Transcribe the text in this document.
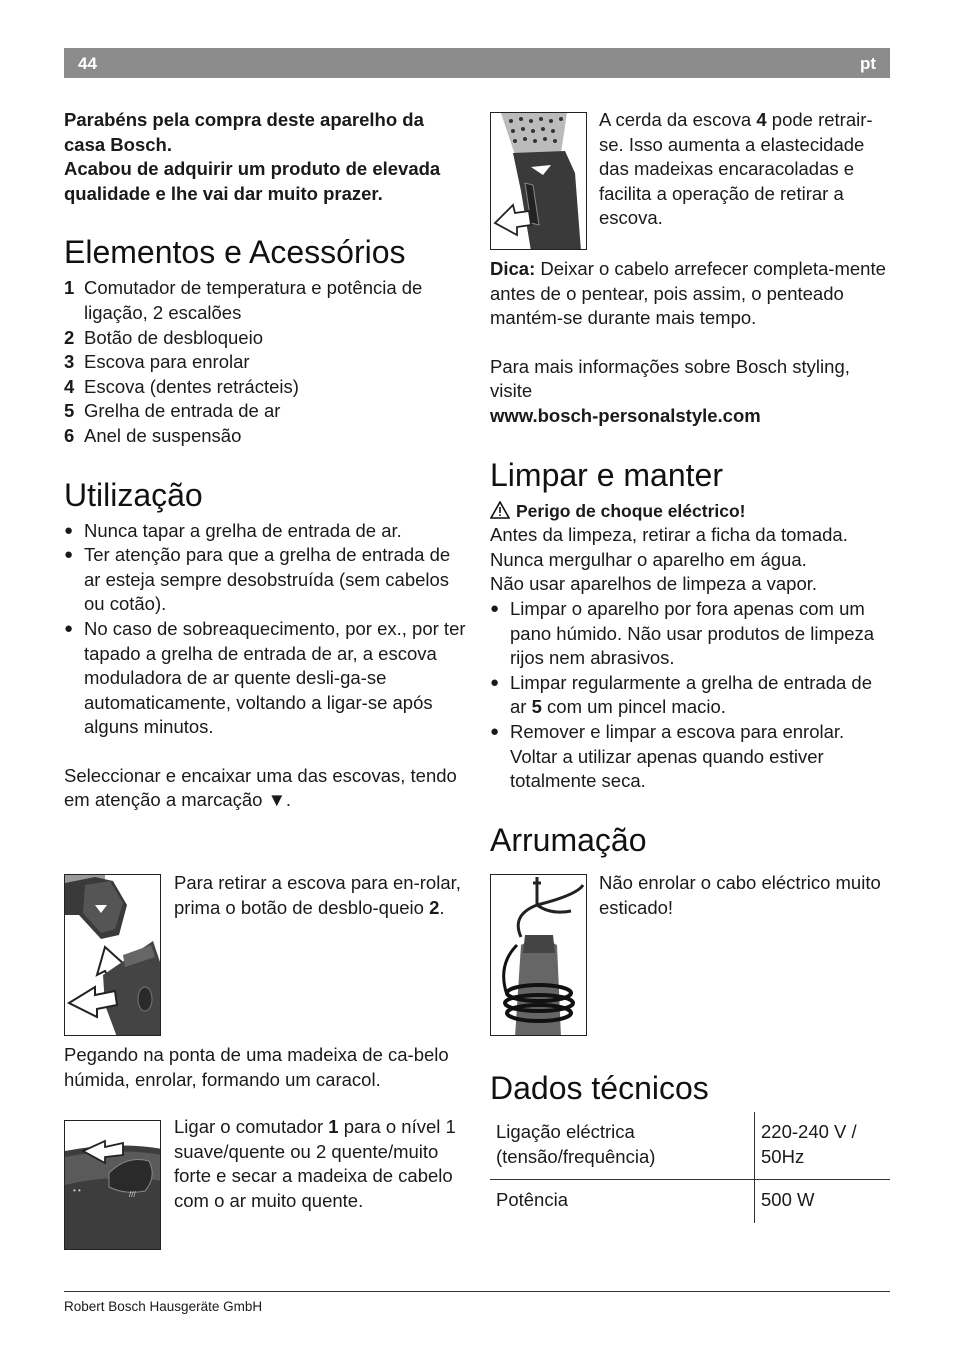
44	pt

Parabéns pela compra deste aparelho da casa Bosch.

Acabou de adquirir um produto de elevada qualidade e lhe vai dar muito prazer.

Elementos e Acessórios
1 Comutador de temperatura e potência de ligação, 2 escalões
2 Botão de desbloqueio
3 Escova para enrolar
4 Escova (dentes retrácteis)
5 Grelha de entrada de ar
6 Anel de suspensão
Utilização
● Nunca tapar a grelha de entrada de ar.
● Ter atenção para que a grelha de entrada de ar esteja sempre desobstruída (sem cabelos ou cotão).
● No caso de sobreaquecimento, por ex., por ter tapado a grelha de entrada de ar, a escova moduladora de ar quente desli-ga-se automaticamente, voltando a ligar-se após alguns minutos.

Seleccionar e encaixar uma das escovas, tendo em atenção a marcação ▼.

Para retirar a escova para en-rolar, prima o botão de desblo-queio 2.

Pegando na ponta de uma madeixa de ca-belo húmida, enrolar, formando um caracol.

• •	///
Ligar o comutador 1 para o nível 1 suave/quente ou 2 quente/muito forte e secar a madeixa de cabelo com o ar muito quente.
A cerda da escova 4 pode retrair-se. Isso aumenta a elastecidade das madeixas encaracoladas e facilita a operação de retirar a escova.

Dica: Deixar o cabelo arrefecer completa-mente antes de o pentear, pois assim, o penteado mantém-se durante mais tempo.

Para mais informações sobre Bosch styling, visite

www.bosch-personalstyle.com

Limpar e manter

Perigo de choque eléctrico!

Antes da limpeza, retirar a ficha da tomada.

Nunca mergulhar o aparelho em água.

Não usar aparelhos de limpeza a vapor.

● Limpar o aparelho por fora apenas com um pano húmido. Não usar produtos de limpeza rijos nem abrasivos.
● Limpar regularmente a grelha de entrada de ar 5 com um pincel macio.
● Remover e limpar a escova para enrolar. Voltar a utilizar apenas quando estiver totalmente seca.
Arrumação

Não enrolar o cabo eléctrico muito esticado!

Dados técnicos
Ligação eléctrica (tensão/frequência)	220-240 V / 50Hz
Potência	500 W
Robert Bosch Hausgeräte GmbH
